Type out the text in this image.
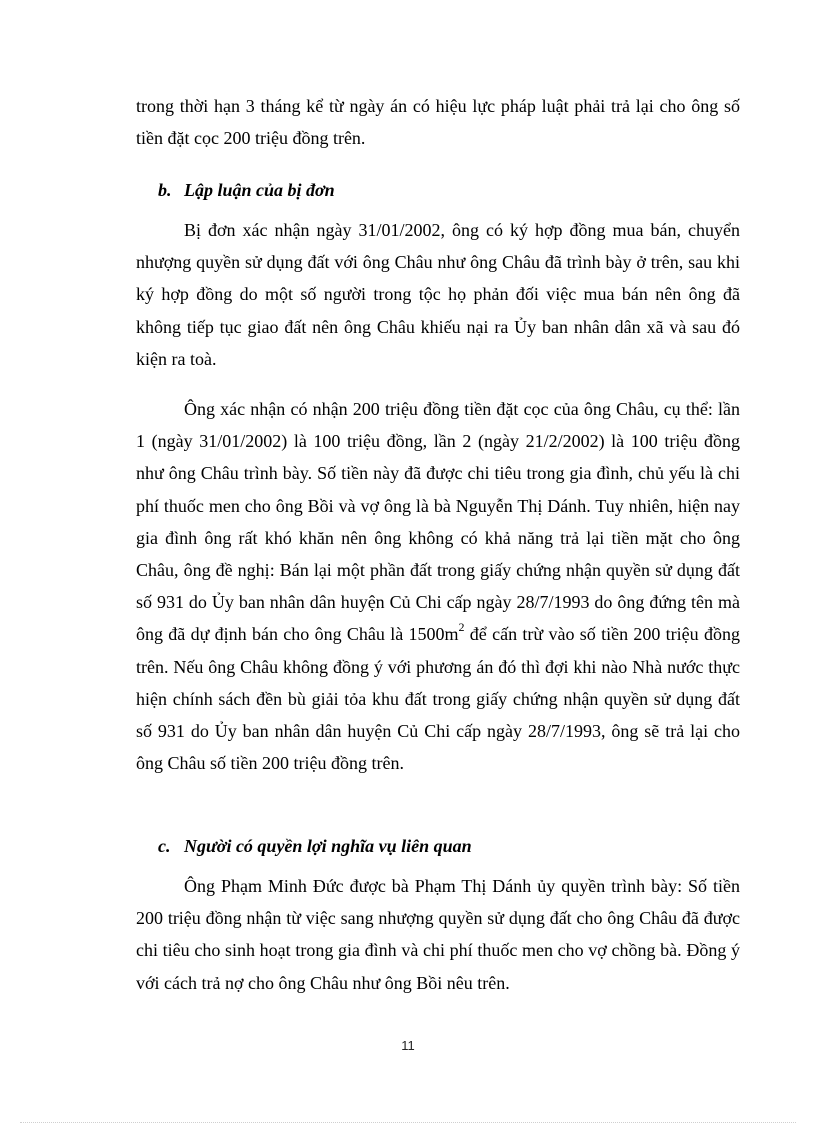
trong thời hạn 3 tháng kể từ ngày án có hiệu lực pháp luật phải trả lại cho ông số tiền đặt cọc 200 triệu đồng trên.

b. Lập luận của bị đơn

Bị đơn xác nhận ngày 31/01/2002, ông có ký hợp đồng mua bán, chuyển nhượng quyền sử dụng đất với ông Châu như ông Châu đã trình bày ở trên, sau khi ký hợp đồng do một số người trong tộc họ phản đối việc mua bán nên ông đã không tiếp tục giao đất nên ông Châu khiếu nại ra Ủy ban nhân dân xã và sau đó kiện ra toà.

Ông xác nhận có nhận 200 triệu đồng tiền đặt cọc của ông Châu, cụ thể: lần 1 (ngày 31/01/2002) là 100 triệu đồng, lần 2 (ngày 21/2/2002) là 100 triệu đồng như ông Châu trình bày. Số tiền này đã được chi tiêu trong gia đình, chủ yếu là chi phí thuốc men cho ông Bồi và vợ ông là bà Nguyễn Thị Dánh. Tuy nhiên, hiện nay gia đình ông rất khó khăn nên ông không có khả năng trả lại tiền mặt cho ông Châu, ông đề nghị: Bán lại một phần đất trong giấy chứng nhận quyền sử dụng đất số 931 do Ủy ban nhân dân huyện Củ Chi cấp ngày 28/7/1993 do ông đứng tên mà ông đã dự định bán cho ông Châu là $1500m^2$ để cấn trừ vào số tiền 200 triệu đồng trên. Nếu ông Châu không đồng ý với phương án đó thì đợi khi nào Nhà nước thực hiện chính sách đền bù giải tỏa khu đất trong giấy chứng nhận quyền sử dụng đất số 931 do Ủy ban nhân dân huyện Củ Chi cấp ngày 28/7/1993, ông sẽ trả lại cho ông Châu số tiền 200 triệu đồng trên.

c. Người có quyền lợi nghĩa vụ liên quan

Ông Phạm Minh Đức được bà Phạm Thị Dánh ủy quyền trình bày: Số tiền 200 triệu đồng nhận từ việc sang nhượng quyền sử dụng đất cho ông Châu đã được chi tiêu cho sinh hoạt trong gia đình và chi phí thuốc men cho vợ chồng bà. Đồng ý với cách trả nợ cho ông Châu như ông Bồi nêu trên.

11
